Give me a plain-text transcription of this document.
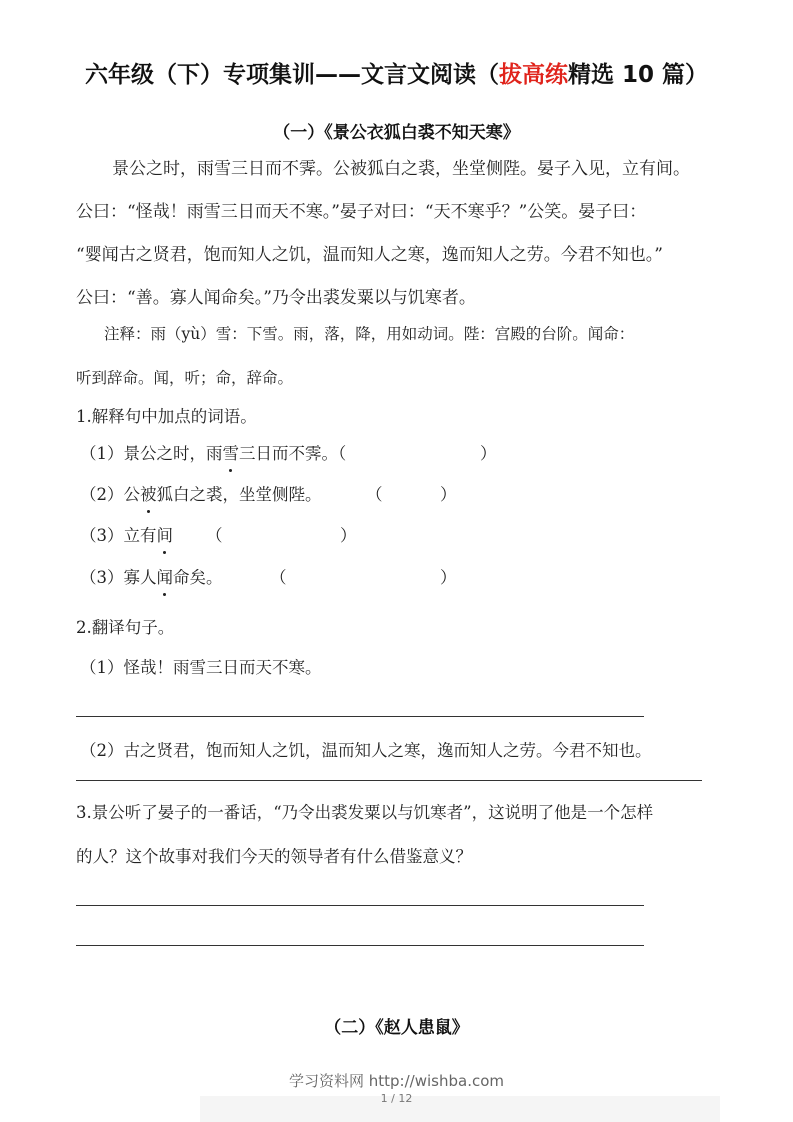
六年级（下）专项集训——文言文阅读（拔高练精选 10 篇）
（一）《景公衣狐白裘不知天寒》
景公之时，雨雪三日而不霁。公被狐白之裘，坐堂侧陛。晏子入见，立有间。
公曰：“怪哉！雨雪三日而天不寒。”晏子对曰：“天不寒乎？”公笑。晏子曰：
“婴闻古之贤君，饱而知人之饥，温而知人之寒，逸而知人之劳。今君不知也。”
公曰：“善。寡人闻命矣。”乃令出裘发粟以与饥寒者。
注释：雨（yù）雪：下雪。雨，落，降，用如动词。陛：宫殿的台阶。闻命：
听到辞命。闻，听；命，辞命。
1.解释句中加点的词语。
（1）景公之时，雨雪三日而不霁。（	）
（2）公被狐白之裘，坐堂侧陛。	（	）
（3）立有间 （	）
（3）寡人闻命矣。	（	）
2.翻译句子。
（1）怪哉！雨雪三日而天不寒。
（2）古之贤君，饱而知人之饥，温而知人之寒，逸而知人之劳。今君不知也。
3.景公听了晏子的一番话，“乃令出裘发粟以与饥寒者”，这说明了他是一个怎样
的人？这个故事对我们今天的领导者有什么借鉴意义？
（二）《赵人患鼠》
学习资料网 http://wishba.com
1 / 12
